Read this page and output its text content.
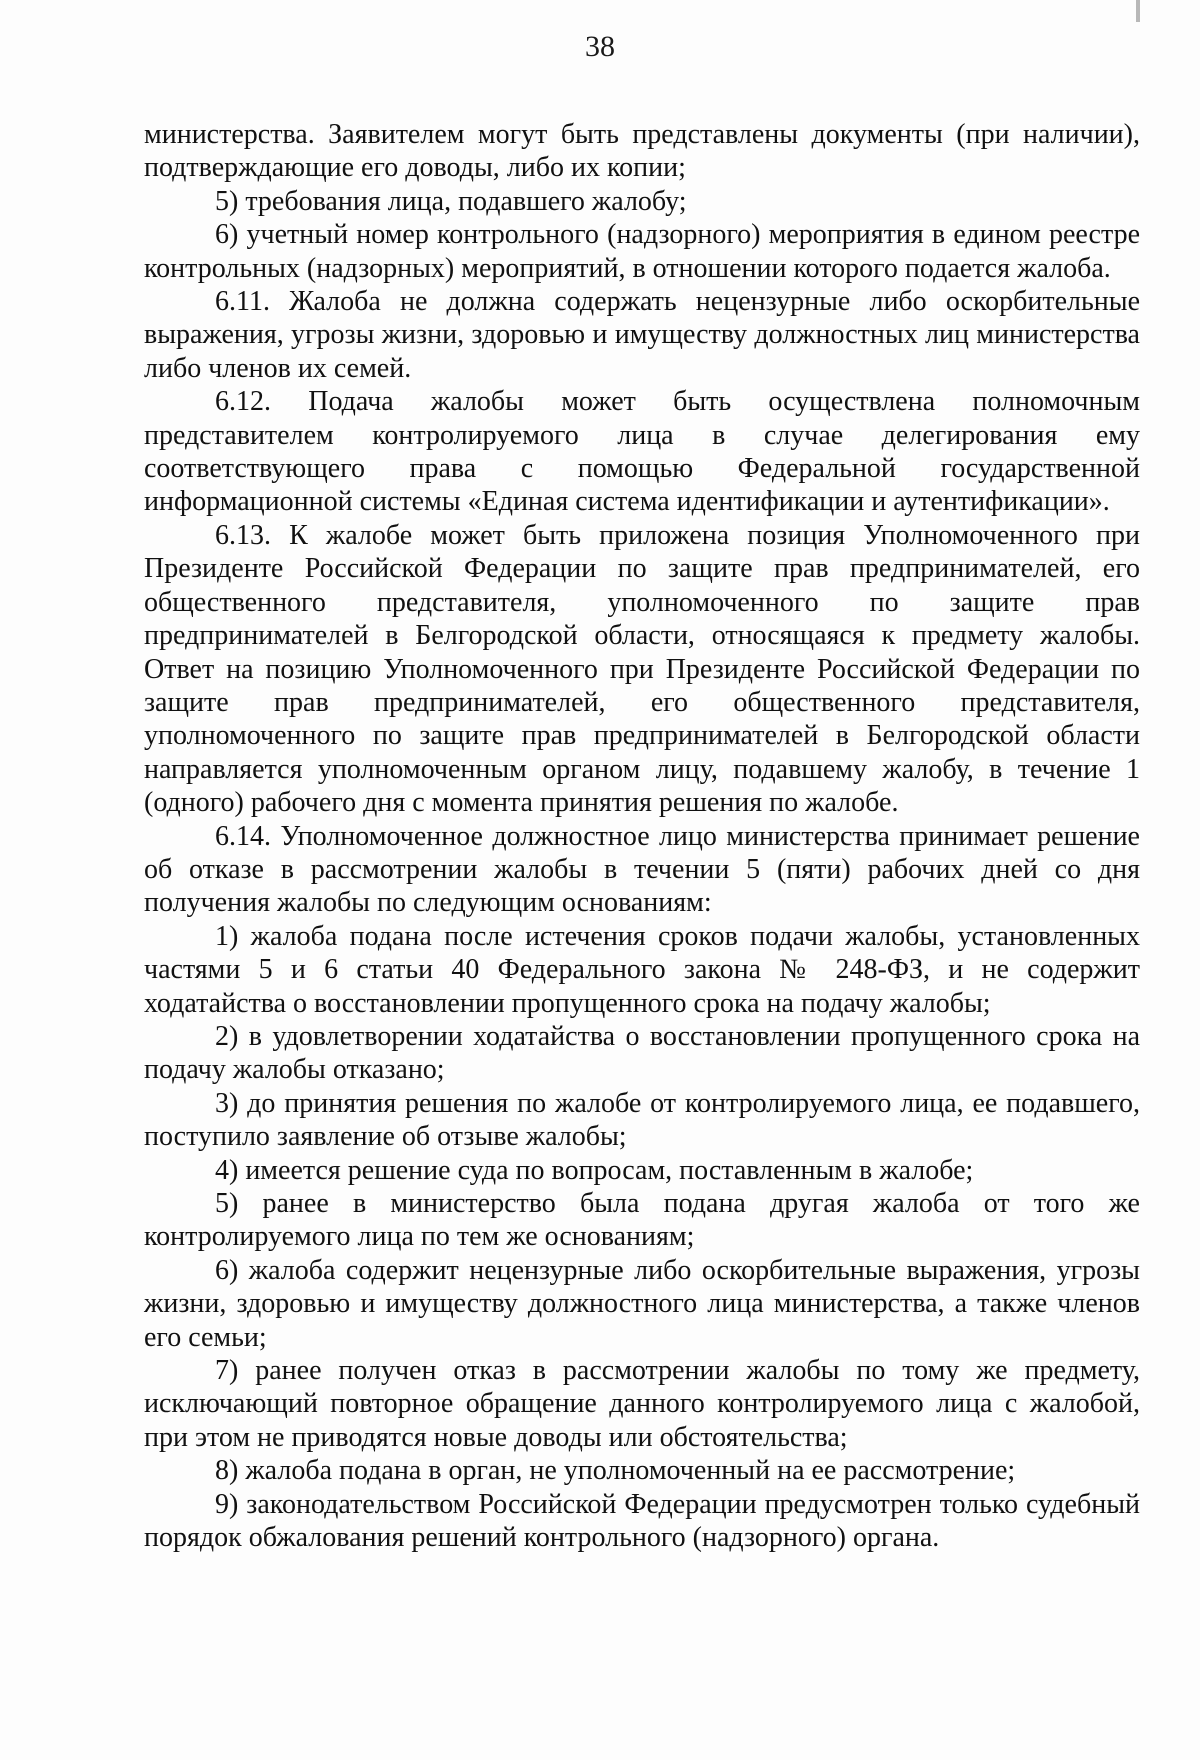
38

министерства. Заявителем могут быть представлены документы (при наличии), подтверждающие его доводы, либо их копии;

5) требования лица, подавшего жалобу;

6) учетный номер контрольного (надзорного) мероприятия в едином реестре контрольных (надзорных) мероприятий, в отношении которого подается жалоба.

6.11. Жалоба не должна содержать нецензурные либо оскорбительные выражения, угрозы жизни, здоровью и имуществу должностных лиц министерства либо членов их семей.

6.12. Подача жалобы может быть осуществлена полномочным представителем контролируемого лица в случае делегирования ему соответствующего права с помощью Федеральной государственной информационной системы «Единая система идентификации и аутентификации».

6.13. К жалобе может быть приложена позиция Уполномоченного при Президенте Российской Федерации по защите прав предпринимателей, его общественного представителя, уполномоченного по защите прав предпринимателей в Белгородской области, относящаяся к предмету жалобы. Ответ на позицию Уполномоченного при Президенте Российской Федерации по защите прав предпринимателей, его общественного представителя, уполномоченного по защите прав предпринимателей в Белгородской области направляется уполномоченным органом лицу, подавшему жалобу, в течение 1 (одного) рабочего дня с момента принятия решения по жалобе.

6.14. Уполномоченное должностное лицо министерства принимает решение об отказе в рассмотрении жалобы в течении 5 (пяти) рабочих дней со дня получения жалобы по следующим основаниям:

1) жалоба подана после истечения сроков подачи жалобы, установленных частями 5 и 6 статьи 40 Федерального закона № 248-ФЗ, и не содержит ходатайства о восстановлении пропущенного срока на подачу жалобы;

2) в удовлетворении ходатайства о восстановлении пропущенного срока на подачу жалобы отказано;

3) до принятия решения по жалобе от контролируемого лица, ее подавшего, поступило заявление об отзыве жалобы;

4) имеется решение суда по вопросам, поставленным в жалобе;

5) ранее в министерство была подана другая жалоба от того же контролируемого лица по тем же основаниям;

6) жалоба содержит нецензурные либо оскорбительные выражения, угрозы жизни, здоровью и имуществу должностного лица министерства, а также членов его семьи;

7) ранее получен отказ в рассмотрении жалобы по тому же предмету, исключающий повторное обращение данного контролируемого лица с жалобой, при этом не приводятся новые доводы или обстоятельства;

8) жалоба подана в орган, не уполномоченный на ее рассмотрение;

9) законодательством Российской Федерации предусмотрен только судебный порядок обжалования решений контрольного (надзорного) органа.
